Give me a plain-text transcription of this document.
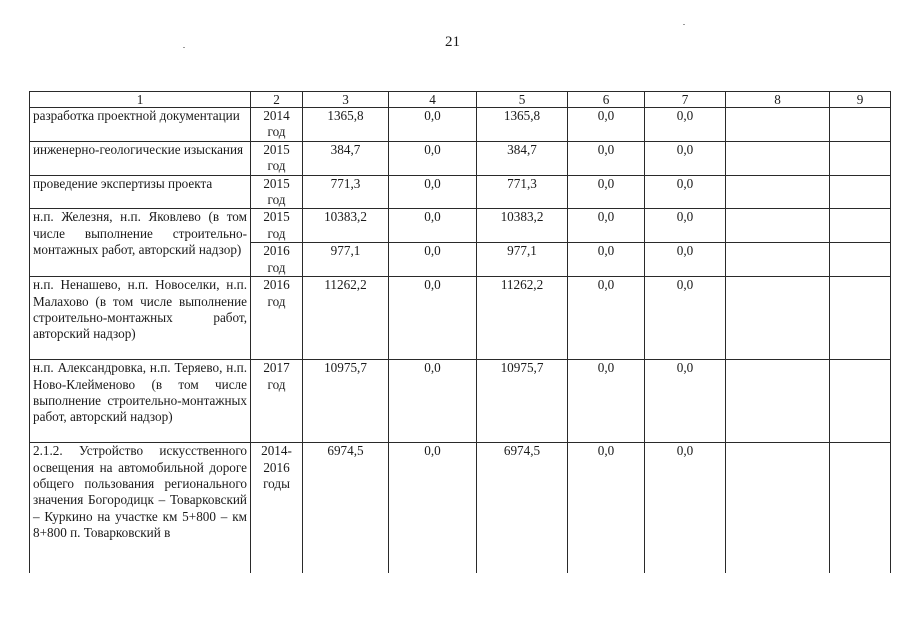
21
1	2	3	4	5	6	7	8	9
разработка проектной документации	2014 год	1365,8	0,0	1365,8	0,0	0,0		
инженерно-геологические изыскания	2015 год	384,7	0,0	384,7	0,0	0,0		
проведение экспертизы проекта	2015 год	771,3	0,0	771,3	0,0	0,0		
н.п. Железня, н.п. Яковлево (в том числе выполнение строительно-монтажных работ, авторский надзор)	2015 год	10383,2	0,0	10383,2	0,0	0,0		
	2016 год	977,1	0,0	977,1	0,0	0,0		
н.п. Ненашево, н.п. Новоселки, н.п. Малахово (в том числе выполнение строительно-монтажных работ, авторский надзор)	2016 год	11262,2	0,0	11262,2	0,0	0,0		
н.п. Александровка, н.п. Теряево, н.п. Ново-Клейменово (в том числе выполнение строительно-монтажных работ, авторский надзор)	2017 год	10975,7	0,0	10975,7	0,0	0,0		
2.1.2. Устройство искусственного освещения на автомобильной дороге общего пользования регионального значения Богородицк – Товарковский – Куркино на участке км 5+800 – км 8+800 п. Товарковский в	2014-2016 годы	6974,5	0,0	6974,5	0,0	0,0		
